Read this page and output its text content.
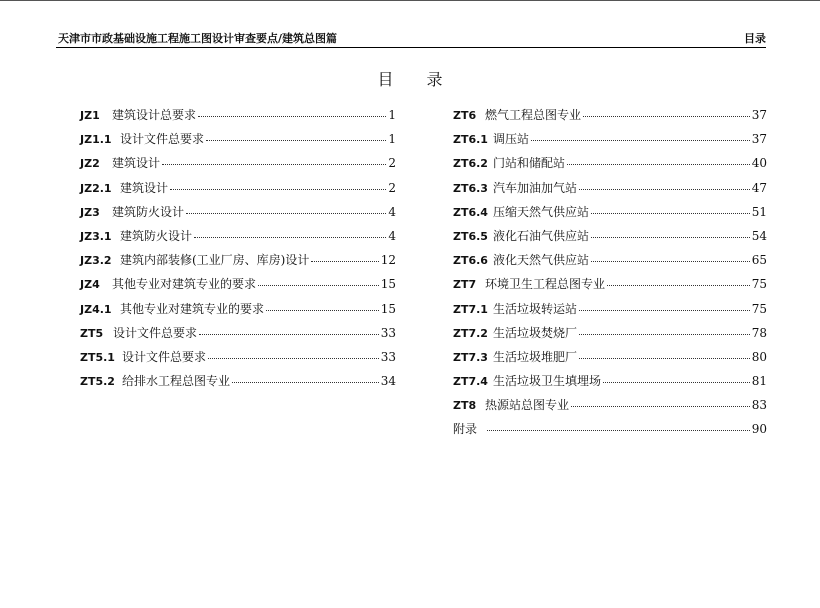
天津市市政基础设施工程施工图设计审查要点/建筑总图篇	目录
目 录
JZ1	建筑设计总要求	1
JZ1.1 设计文件总要求	1
JZ2	建筑设计	2
JZ2.1 建筑设计	2
JZ3	建筑防火设计	4
JZ3.1 建筑防火设计	4
JZ3.2 建筑内部装修(工业厂房、库房)设计	12
JZ4	其他专业对建筑专业的要求	15
JZ4.1 其他专业对建筑专业的要求	15
ZT5 设计文件总要求	33
ZT5.1 设计文件总要求	33
ZT5.2 给排水工程总图专业	34
ZT6 燃气工程总图专业	37
ZT6.1 调压站	37
ZT6.2 门站和储配站	40
ZT6.3 汽车加油加气站	47
ZT6.4 压缩天然气供应站	51
ZT6.5 液化石油气供应站	54
ZT6.6 液化天然气供应站	65
ZT7 环境卫生工程总图专业	75
ZT7.1 生活垃圾转运站	75
ZT7.2 生活垃圾焚烧厂	78
ZT7.3 生活垃圾堆肥厂	80
ZT7.4 生活垃圾卫生填埋场	81
ZT8 热源站总图专业	83
附录	90
